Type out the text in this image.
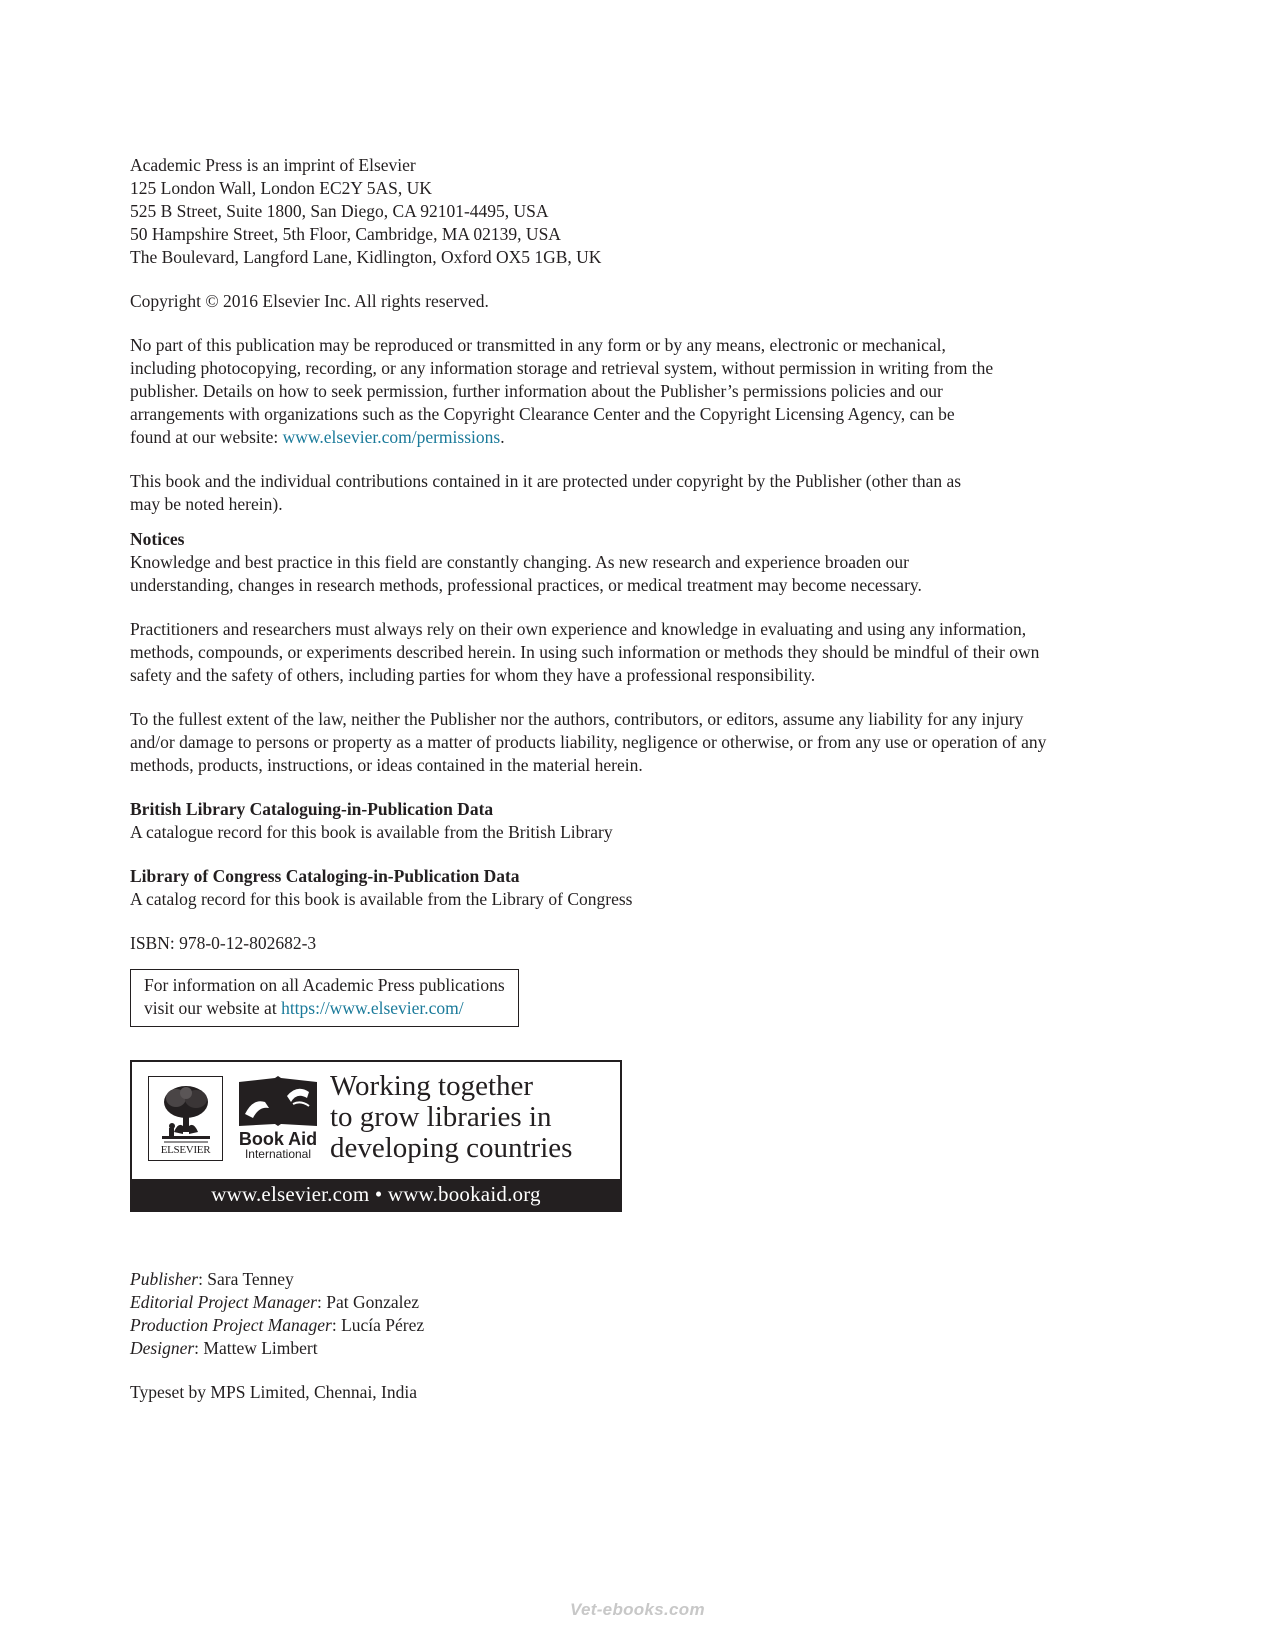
Academic Press is an imprint of Elsevier
125 London Wall, London EC2Y 5AS, UK
525 B Street, Suite 1800, San Diego, CA 92101-4495, USA
50 Hampshire Street, 5th Floor, Cambridge, MA 02139, USA
The Boulevard, Langford Lane, Kidlington, Oxford OX5 1GB, UK
Copyright © 2016 Elsevier Inc. All rights reserved.
No part of this publication may be reproduced or transmitted in any form or by any means, electronic or mechanical,
including photocopying, recording, or any information storage and retrieval system, without permission in writing from the
publisher. Details on how to seek permission, further information about the Publisher’s permissions policies and our
arrangements with organizations such as the Copyright Clearance Center and the Copyright Licensing Agency, can be
found at our website: www.elsevier.com/permissions.
This book and the individual contributions contained in it are protected under copyright by the Publisher (other than as
may be noted herein).
Notices
Knowledge and best practice in this field are constantly changing. As new research and experience broaden our
understanding, changes in research methods, professional practices, or medical treatment may become necessary.
Practitioners and researchers must always rely on their own experience and knowledge in evaluating and using any information,
methods, compounds, or experiments described herein. In using such information or methods they should be mindful of their own
safety and the safety of others, including parties for whom they have a professional responsibility.
To the fullest extent of the law, neither the Publisher nor the authors, contributors, or editors, assume any liability for any injury
and/or damage to persons or property as a matter of products liability, negligence or otherwise, or from any use or operation of any
methods, products, instructions, or ideas contained in the material herein.
British Library Cataloguing-in-Publication Data
A catalogue record for this book is available from the British Library
Library of Congress Cataloging-in-Publication Data
A catalog record for this book is available from the Library of Congress
ISBN: 978-0-12-802682-3
For information on all Academic Press publications
visit our website at https://www.elsevier.com/
ELSEVIER
Book Aid
International
Working together
to grow libraries in
developing countries
www.elsevier.com • www.bookaid.org
Publisher: Sara Tenney
Editorial Project Manager: Pat Gonzalez
Production Project Manager: Lucía Pérez
Designer: Mattew Limbert
Typeset by MPS Limited, Chennai, India
Vet-ebooks.com
